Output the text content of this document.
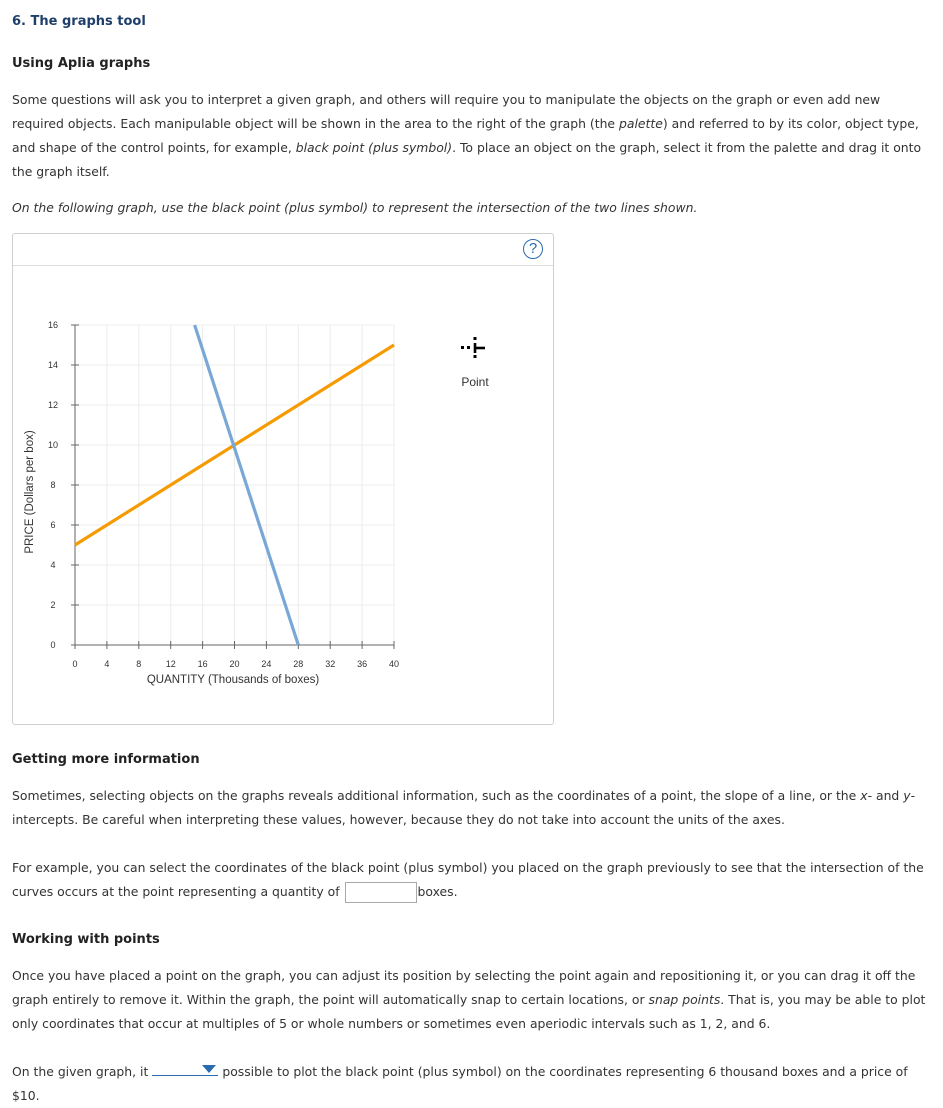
6. The graphs tool
Using Aplia graphs
Some questions will ask you to interpret a given graph, and others will require you to manipulate the objects on the graph or even add new required objects. Each manipulable object will be shown in the area to the right of the graph (the palette) and referred to by its color, object type, and shape of the control points, for example, black point (plus symbol). To place an object on the graph, select it from the palette and drag it onto the graph itself.
On the following graph, use the black point (plus symbol) to represent the intersection of the two lines shown.
?
0	4	8	12 16 20 24 28 32 36 40
0
2
4
6
8
10
12
14
16
PRICE (Dollars per box)
QUANTITY (Thousands of boxes)
Point
Getting more information
Sometimes, selecting objects on the graphs reveals additional information, such as the coordinates of a point, the slope of a line, or the x- and y-intercepts. Be careful when interpreting these values, however, because they do not take into account the units of the axes.
For example, you can select the coordinates of the black point (plus symbol) you placed on the graph previously to see that the intersection of the curves occurs at the point representing a quantity of	boxes.
Working with points
Once you have placed a point on the graph, you can adjust its position by selecting the point again and repositioning it, or you can drag it off the graph entirely to remove it. Within the graph, the point will automatically snap to certain locations, or snap points. That is, you may be able to plot only coordinates that occur at multiples of 5 or whole numbers or sometimes even aperiodic intervals such as 1, 2, and 6.
On the given graph, it	possible to plot the black point (plus symbol) on the coordinates representing 6 thousand boxes and a price of $10.
